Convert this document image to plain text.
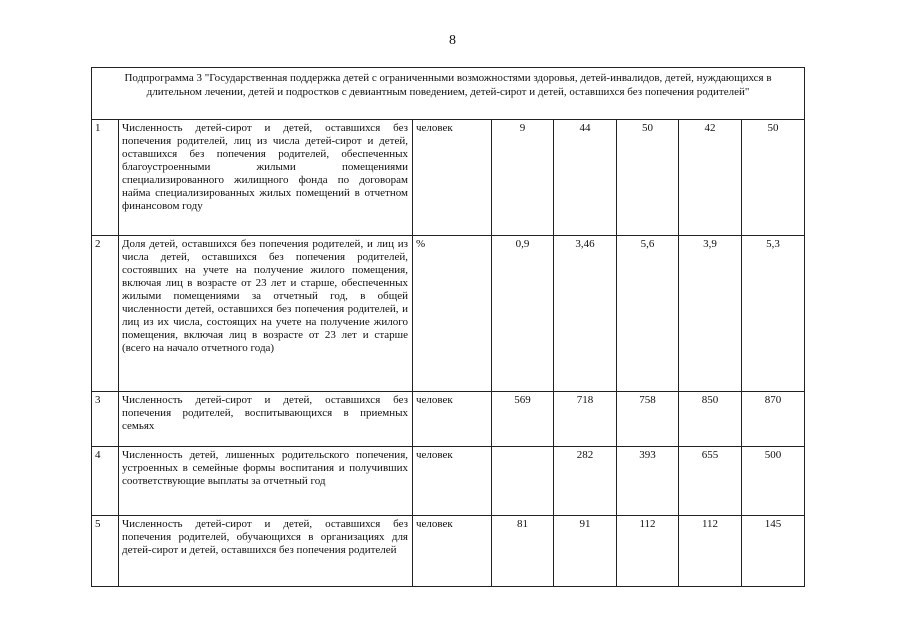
8
Подпрограмма 3 "Государственная поддержка детей с ограниченными возможностями здоровья, детей-инвалидов, детей, нуждающихся в длительном лечении, детей и подростков с девиантным поведением, детей-сирот и детей, оставшихся без попечения родителей"							
1	Численность детей-сирот и детей, оставшихся без попечения родителей, лиц из числа детей-сирот и детей, оставшихся без попечения родителей, обеспеченных благоустроенными жилыми помещениями специализированного жилищного фонда по договорам найма специализированных жилых помещений в отчетном финансовом году	человек	9	44	50	42	50
2	Доля детей, оставшихся без попечения родителей, и лиц из числа детей, оставшихся без попечения родителей, состоявших на учете на получение жилого помещения, включая лиц в возрасте от 23 лет и старше, обеспеченных жилыми помещениями за отчетный год, в общей численности детей, оставшихся без попечения родителей, и лиц из их числа, состоящих на учете на получение жилого помещения, включая лиц в возрасте от 23 лет и старше (всего на начало отчетного года)	%	0,9	3,46	5,6	3,9	5,3
3	Численность детей-сирот и детей, оставшихся без попечения родителей, воспитывающихся в приемных семьях	человек	569	718	758	850	870
4	Численность детей, лишенных родительского попечения, устроенных в семейные формы воспитания и получивших соответствующие выплаты за отчетный год	человек		282	393	655	500
5	Численность детей-сирот и детей, оставшихся без попечения родителей, обучающихся в организациях для детей-сирот и детей, оставшихся без попечения родителей	человек	81	91	112	112	145
